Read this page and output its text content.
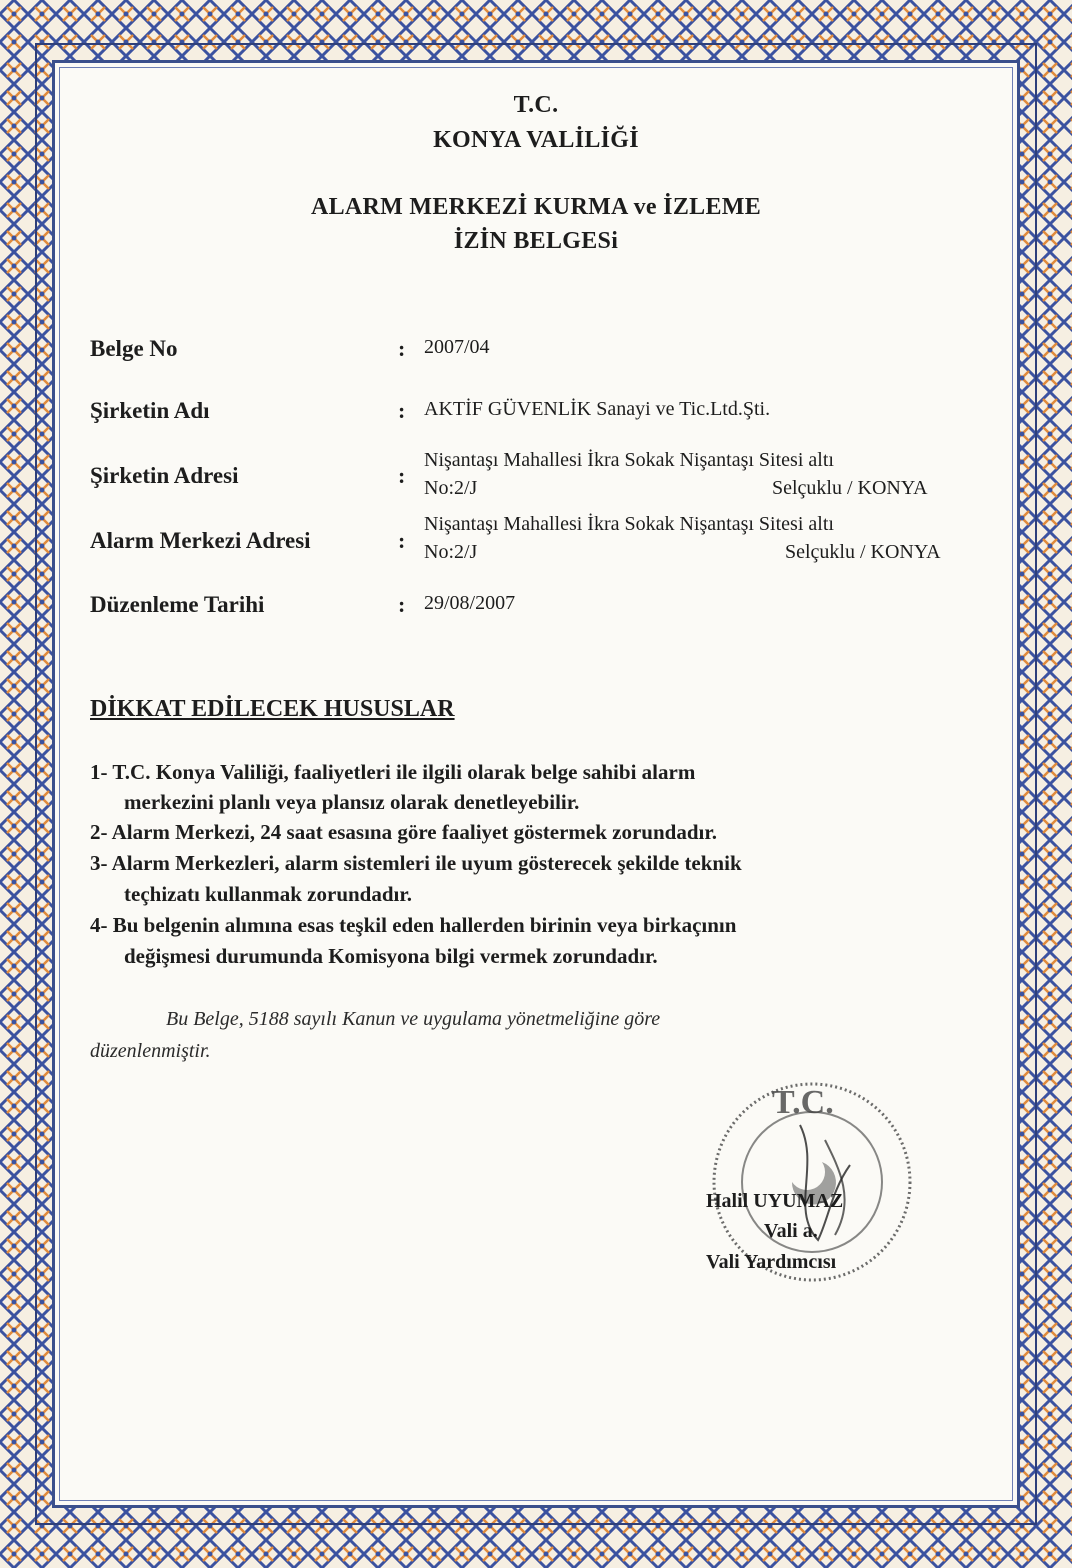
T.C.
KONYA VALİLİĞİ
ALARM MERKEZİ KURMA ve İZLEME
İZİN BELGESi
Belge No	: 2007/04
Şirketin Adı	: AKTİF GÜVENLİK Sanayi ve Tic.Ltd.Şti.
Şirketin Adresi	:
Nişantaşı Mahallesi İkra Sokak Nişantaşı Sitesi altı
No:2/J	Selçuklu / KONYA
Alarm Merkezi Adresi	:
Nişantaşı Mahallesi İkra Sokak Nişantaşı Sitesi altı
No:2/J	Selçuklu / KONYA
Düzenleme Tarihi	: 29/08/2007
DİKKAT EDİLECEK HUSUSLAR
1- T.C. Konya Valiliği, faaliyetleri ile ilgili olarak belge sahibi alarm
merkezini planlı veya plansız olarak denetleyebilir.
2- Alarm Merkezi, 24 saat esasına göre faaliyet göstermek zorundadır.
3- Alarm Merkezleri, alarm sistemleri ile uyum gösterecek şekilde teknik
teçhizatı kullanmak zorundadır.
4- Bu belgenin alımına esas teşkil eden hallerden birinin veya birkaçının
değişmesi durumunda Komisyona bilgi vermek zorundadır.
Bu Belge, 5188 sayılı Kanun ve uygulama yönetmeliğine göre
düzenlenmiştir.
T.C.
Halil UYUMAZ
Vali a.
Vali Yardımcısı
